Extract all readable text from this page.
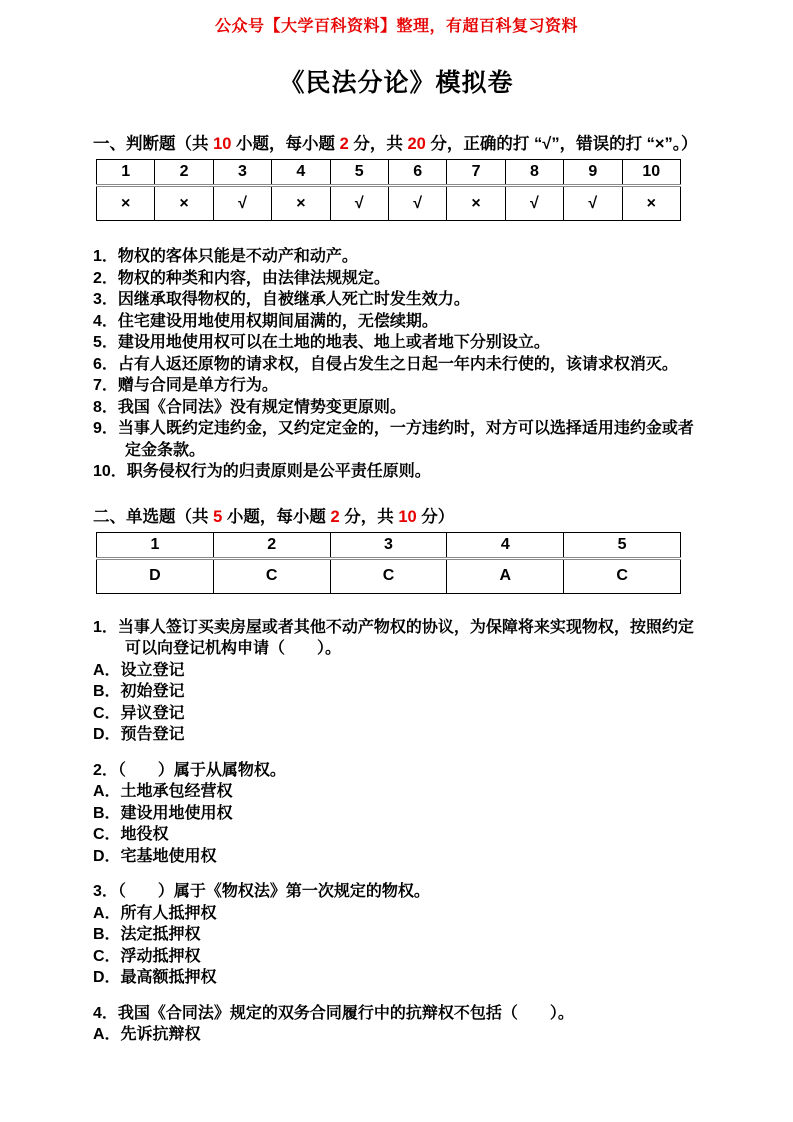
公众号【大学百科资料】整理，有超百科复习资料
《民法分论》模拟卷
一、判断题（共 10 小题，每小题 2 分，共 20 分，正确的打 “√”，错误的打 “×”。）
1	2	3	4	5	6	7	8	9	10
×	×	√	×	√	√	×	√	√	×
1．物权的客体只能是不动产和动产。
2．物权的种类和内容，由法律法规规定。
3．因继承取得物权的，自被继承人死亡时发生效力。
4．住宅建设用地使用权期间届满的，无偿续期。
5．建设用地使用权可以在土地的地表、地上或者地下分别设立。
6．占有人返还原物的请求权，自侵占发生之日起一年内未行使的，该请求权消灭。
7．赠与合同是单方行为。
8．我国《合同法》没有规定情势变更原则。
9．当事人既约定违约金，又约定定金的，一方违约时，对方可以选择适用违约金或者定金条款。
10．职务侵权行为的归责原则是公平责任原则。
二、单选题（共 5 小题，每小题 2 分，共 10 分）
1	2	3	4	5
D	C	C	A	C
1．当事人签订买卖房屋或者其他不动产物权的协议，为保障将来实现物权，按照约定可以向登记机构申请（　　）。
A．设立登记
B．初始登记
C．异议登记
D．预告登记
2．（　　）属于从属物权。
A．土地承包经营权
B．建设用地使用权
C．地役权
D．宅基地使用权
3．（　　）属于《物权法》第一次规定的物权。
A．所有人抵押权
B．法定抵押权
C．浮动抵押权
D．最高额抵押权
4．我国《合同法》规定的双务合同履行中的抗辩权不包括（　　）。
A．先诉抗辩权
